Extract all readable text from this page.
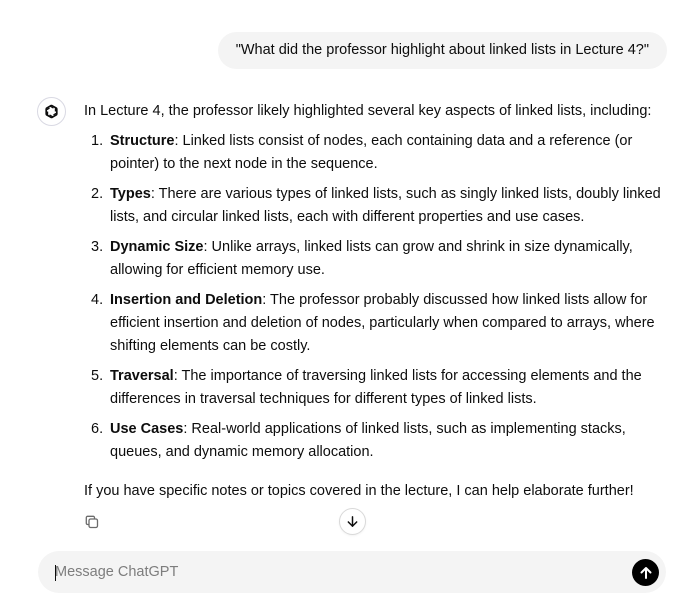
"What did the professor highlight about linked lists in Lecture 4?"

In Lecture 4, the professor likely highlighted several key aspects of linked lists, including:

1. Structure: Linked lists consist of nodes, each containing data and a reference (or pointer) to the next node in the sequence.
2. Types: There are various types of linked lists, such as singly linked lists, doubly linked lists, and circular linked lists, each with different properties and use cases.
3. Dynamic Size: Unlike arrays, linked lists can grow and shrink in size dynamically, allowing for efficient memory use.
4. Insertion and Deletion: The professor probably discussed how linked lists allow for efficient insertion and deletion of nodes, particularly when compared to arrays, where shifting elements can be costly.
5. Traversal: The importance of traversing linked lists for accessing elements and the differences in traversal techniques for different types of linked lists.
6. Use Cases: Real-world applications of linked lists, such as implementing stacks, queues, and dynamic memory allocation.

If you have specific notes or topics covered in the lecture, I can help elaborate further!

Message ChatGPT
